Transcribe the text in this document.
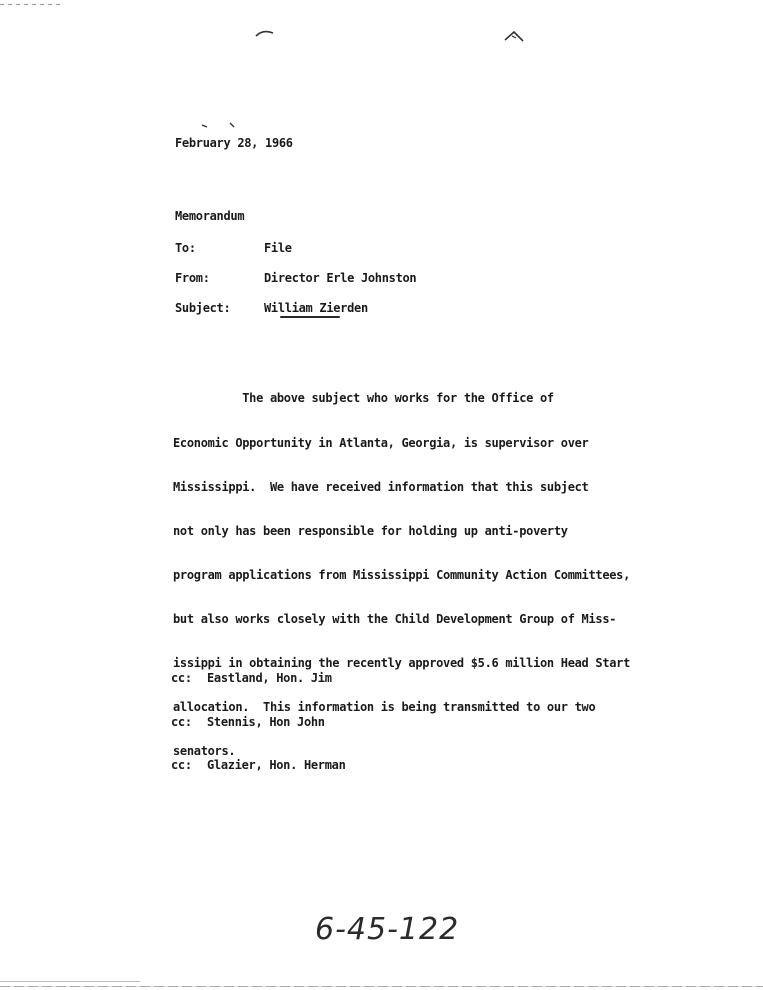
February 28, 1966
Memorandum
To:	File
From:	Director Erle Johnston
Subject:	William Zierden

The above subject who works for the Office of

Economic Opportunity in Atlanta, Georgia, is supervisor over

Mississippi.  We have received information that this subject

not only has been responsible for holding up anti-poverty

program applications from Mississippi Community Action Committees,

but also works closely with the Child Development Group of Miss-

issippi in obtaining the recently approved $5.6 million Head Start

allocation.  This information is being transmitted to our two

senators.

cc: Eastland, Hon. Jim

cc: Stennis, Hon John

cc: Glazier, Hon. Herman

6-45-122
